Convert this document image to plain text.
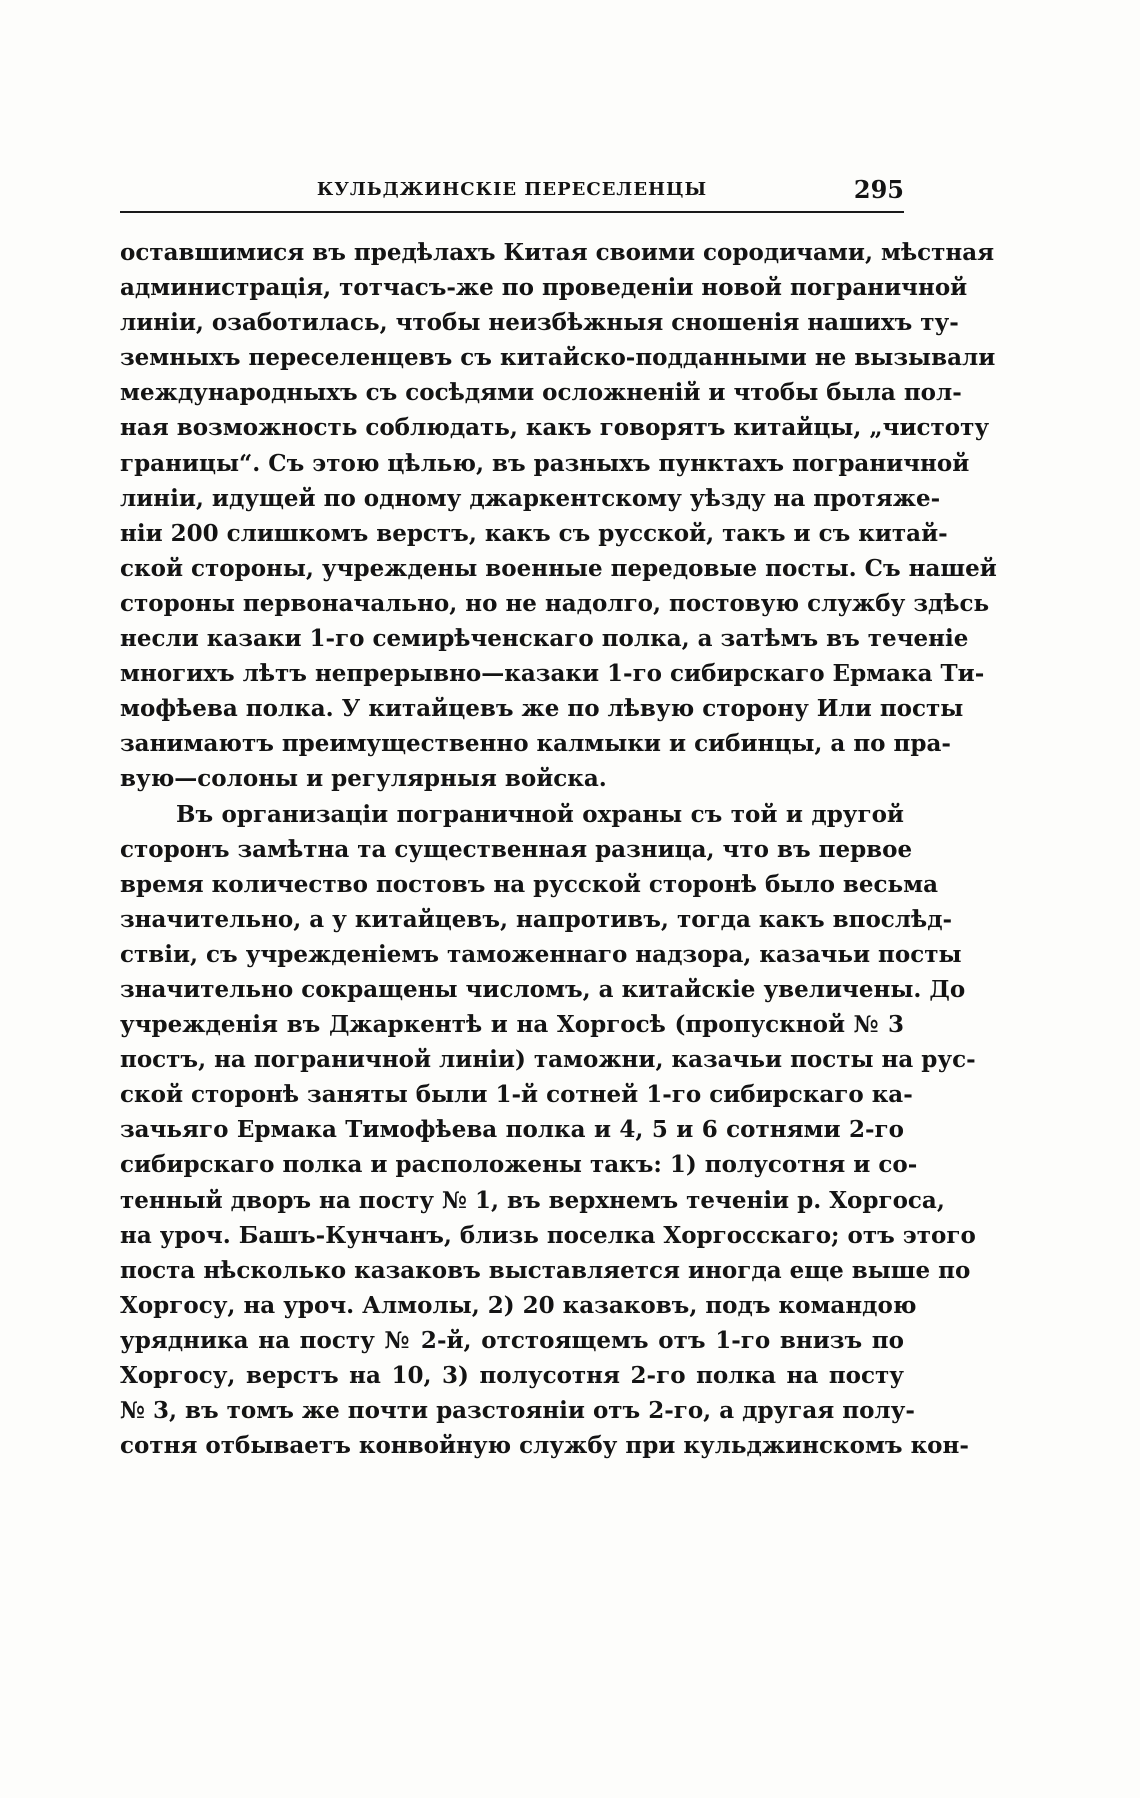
КУЛЬДЖИНСКІЕ ПЕРЕСЕЛЕНЦЫ	295
оставшимися въ предѣлахъ Китая своими сородичами, мѣстная
администрація, тотчасъ-же по проведеніи новой пограничной
линіи, озаботилась, чтобы неизбѣжныя сношенія нашихъ ту-
земныхъ переселенцевъ съ китайско-подданными не вызывали
международныхъ съ сосѣдями осложненій и чтобы была пол-
ная возможность соблюдать, какъ говорятъ китайцы, „чистоту
границы“. Съ этою цѣлью, въ разныхъ пунктахъ пограничной
линіи, идущей по одному джаркентскому уѣзду на протяже-
ніи 200 слишкомъ верстъ, какъ съ русской, такъ и съ китай-
ской стороны, учреждены военные передовые посты. Съ нашей
стороны первоначально, но не надолго, постовую службу здѣсь
несли казаки 1-го семирѣченскаго полка, а затѣмъ въ теченіе
многихъ лѣтъ непрерывно—казаки 1-го сибирскаго Ермака Ти-
мофѣева полка. У китайцевъ же по лѣвую сторону Или посты
занимаютъ преимущественно калмыки и сибинцы, а по пра-
вую—солоны и регулярныя войска.
Въ организаціи пограничной охраны съ той и другой
сторонъ замѣтна та существенная разница, что въ первое
время количество постовъ на русской сторонѣ было весьма
значительно, а у китайцевъ, напротивъ, тогда какъ впослѣд-
ствіи, съ учрежденіемъ таможеннаго надзора, казачьи посты
значительно сокращены числомъ, а китайскіе увеличены. До
учрежденія въ Джаркентѣ и на Хоргосѣ (пропускной № 3
постъ, на пограничной линіи) таможни, казачьи посты на рус-
ской сторонѣ заняты были 1-й сотней 1-го сибирскаго ка-
зачьяго Ермака Тимофѣева полка и 4, 5 и 6 сотнями 2-го
сибирскаго полка и расположены такъ: 1) полусотня и со-
тенный дворъ на посту № 1, въ верхнемъ теченіи р. Хоргоса,
на уроч. Башъ-Кунчанъ, близь поселка Хоргосскаго; отъ этого
поста нѣсколько казаковъ выставляется иногда еще выше по
Хоргосу, на уроч. Алмолы, 2) 20 казаковъ, подъ командою
урядника на посту № 2-й, отстоящемъ отъ 1-го внизъ по
Хоргосу, верстъ на 10, 3) полусотня 2-го полка на посту
№ 3, въ томъ же почти разстояніи отъ 2-го, а другая полу-
сотня отбываетъ конвойную службу при кульджинскомъ кон-
